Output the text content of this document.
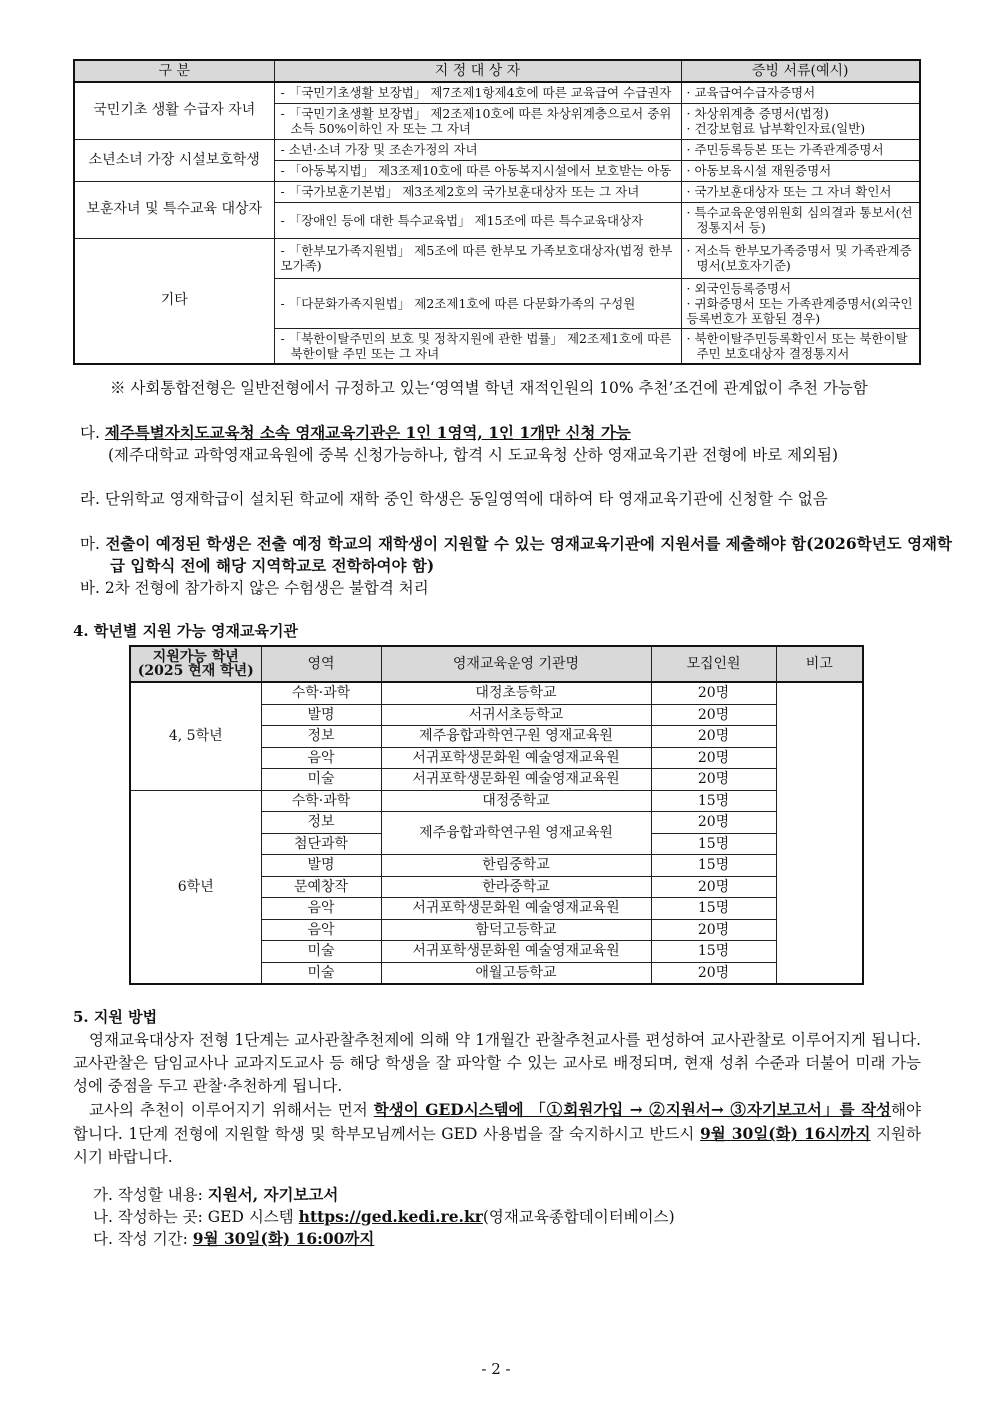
구 분	지 정 대 상 자	증빙 서류(예시)
국민기초 생활 수급자 자녀	- 「국민기초생활 보장법」 제7조제1항제4호에 따른 교육급여 수급권자	· 교육급여수급자증명서

	- 「국민기초생활 보장법」 제2조제10호에 따른 차상위계층으로서 중위소득 50%이하인 자 또는 그 자녀	· 차상위계층 증명서(법정)
· 건강보험료 납부확인자료(일반)
소년소녀 가장 시설보호학생	- 소년·소녀 가장 및 조손가정의 자녀	· 주민등록등본 또는 가족관계증명서
	- 「아동복지법」 제3조제10호에 따른 아동복지시설에서 보호받는 아동	· 아동보육시설 재원증명서
보훈자녀 및 특수교육 대상자	- 「국가보훈기본법」 제3조제2호의 국가보훈대상자 또는 그 자녀	· 국가보훈대상자 또는 그 자녀 확인서
	- 「장애인 등에 대한 특수교육법」 제15조에 따른 특수교육대상자	· 특수교육운영위원회 심의결과 통보서(선정통지서 등)

기타	- 「한부모가족지원법」 제5조에 따른 한부모 가족보호대상자(법정 한부모가족)	· 저소득 한부모가족증명서 및 가족관계증명서(보호자기준)

	- 「다문화가족지원법」 제2조제1호에 따른 다문화가족의 구성원	· 외국인등록증명서
· 귀화증명서 또는 가족관계증명서(외국인등록번호가 포함된 경우)

	- 「북한이탈주민의 보호 및 정착지원에 관한 법률」 제2조제1호에 따른 북한이탈 주민 또는 그 자녀	· 북한이탈주민등록확인서 또는 북한이탈주민 보호대상자 결정통지서
※ 사회통합전형은 일반전형에서 규정하고 있는‘영역별 학년 재적인원의 10% 추천’조건에 관계없이 추천 가능함
다. 제주특별자치도교육청 소속 영재교육기관은 1인 1영역, 1인 1개만 신청 가능
(제주대학교 과학영재교육원에 중복 신청가능하나, 합격 시 도교육청 산하 영재교육기관 전형에 바로 제외됨)
라. 단위학교 영재학급이 설치된 학교에 재학 중인 학생은 동일영역에 대하여 타 영재교육기관에 신청할 수 없음
마. 전출이 예정된 학생은 전출 예정 학교의 재학생이 지원할 수 있는 영재교육기관에 지원서를 제출해야 함(2026학년도 영재학급 입학식 전에 해당 지역학교로 전학하여야 함)
바. 2차 전형에 참가하지 않은 수험생은 불합격 처리
4. 학년별 지원 가능 영재교육기관
지원가능 학년
(2025 현재 학년)	영역	영재교육운영 기관명	모집인원	비고
4, 5학년	수학·과학	대정초등학교	20명	
	발명	서귀서초등학교	20명	
	정보	제주융합과학연구원 영재교육원	20명	
	음악	서귀포학생문화원 예술영재교육원	20명	
	미술	서귀포학생문화원 예술영재교육원	20명	
6학년	수학·과학	대정중학교	15명	
	정보	제주융합과학연구원 영재교육원	20명	
	첨단과학		15명	
	발명	한림중학교	15명	
	문예창작	한라중학교	20명	
	음악	서귀포학생문화원 예술영재교육원	15명	
	음악	함덕고등학교	20명	
	미술	서귀포학생문화원 예술영재교육원	15명	
	미술	애월고등학교	20명	
5. 지원 방법
영재교육대상자 전형 1단계는 교사관찰추천제에 의해 약 1개월간 관찰추천교사를 편성하여 교사관찰로 이루어지게 됩니다. 교사관찰은 담임교사나 교과지도교사 등 해당 학생을 잘 파악할 수 있는 교사로 배정되며, 현재 성취 수준과 더불어 미래 가능성에 중점을 두고 관찰·추천하게 됩니다.
교사의 추천이 이루어지기 위해서는 먼저 학생이 GED시스템에 「①회원가입 → ②지원서→ ③자기보고서」를 작성해야 합니다. 1단계 전형에 지원할 학생 및 학부모님께서는 GED 사용법을 잘 숙지하시고 반드시 9월 30일(화) 16시까지 지원하시기 바랍니다.
가. 작성할 내용: 지원서, 자기보고서
나. 작성하는 곳: GED 시스템 https://ged.kedi.re.kr(영재교육종합데이터베이스)
다. 작성 기간: 9월 30일(화) 16:00까지
- 2 -
